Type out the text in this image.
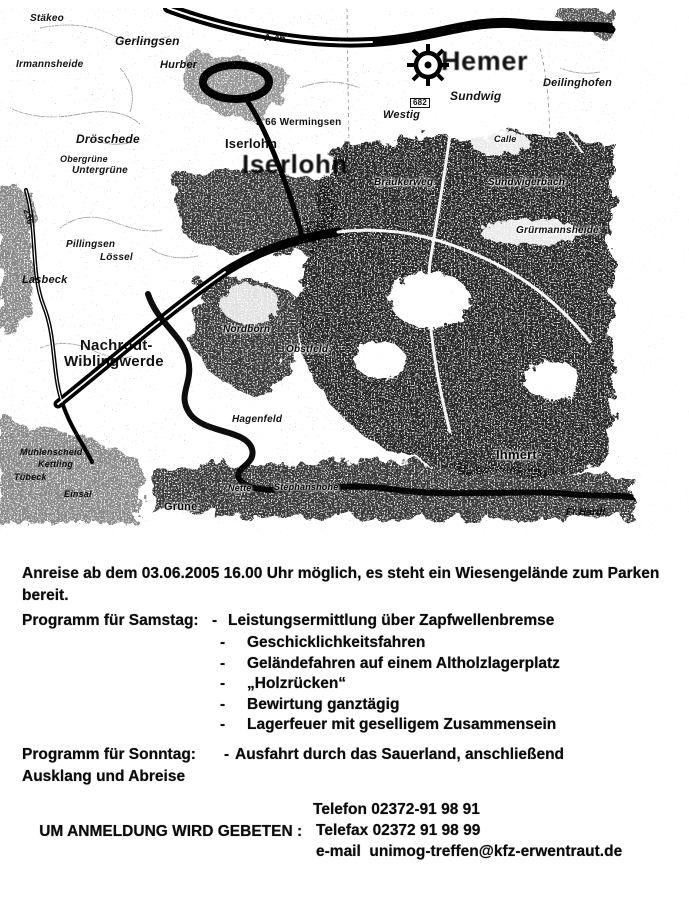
Hemer
Iserlohn
Iserlohn
Nachrodt-
Wiblingwerde
Gerlingsen
Stäkeo
Irmannsheide	Hurber
Dröschede
Obergrüne
Untergrüne
Pillingsen
Lössel
Lasbeck
Sundwig
Deilinghofen
Westig
L 66 Wermingsen
682
A 46
236
Nordborn
Grürmannsheide
Sundwigerbach
Fr.Hardt
Nette Stephanshöhe
Grüne
Bräukerweg
Mühlenscheid
Kettling
Tübeck
Einsal
Calle
Ihmert
Obstfeld
Hagenfeld
Anreise ab dem 03.06.2005 16.00 Uhr möglich, es steht ein Wiesengelände zum Parken bereit.
Programm für Samstag: - Leistungsermittlung über Zapfwellenbremse
- Geschicklichkeitsfahren
- Geländefahren auf einem Altholzlagerplatz
- „Holzrücken“
- Bewirtung ganztägig
- Lagerfeuer mit geselligem Zusammensein
Programm für Sonntag: - Ausfahrt durch das Sauerland, anschließend
Ausklang und Abreise

UM ANMELDUNG WIRD GEBETEN :

Telefon 02372-91 98 91

Telefax 02372 91 98 99

e-mail  unimog-treffen@kfz-erwentraut.de
